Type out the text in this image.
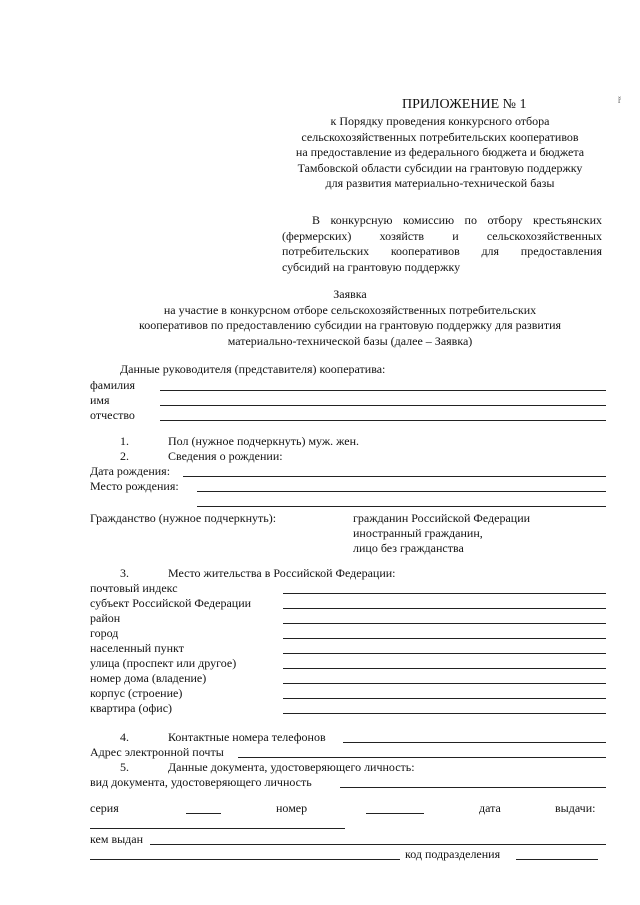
ПРИЛОЖЕНИЕ № 1	ř
к Порядку проведения конкурсного отбора
сельскохозяйственных потребительских кооперативов
на предоставление из федерального бюджета и бюджета
Тамбовской области субсидии на грантовую поддержку
для развития материально-технической базы
В конкурсную комиссию по отбору крестьянских
(фермерских) хозяйств и сельскохозяйственных
потребительских кооперативов для предоставления
субсидий на грантовую поддержку
Заявка
на участие в конкурсном отборе сельскохозяйственных потребительских
кооперативов по предоставлению субсидии на грантовую поддержку для развития
материально-технической базы (далее – Заявка)
Данные руководителя (представителя) кооператива:
фамилия
имя
отчество
1.	Пол (нужное подчеркнуть) муж. жен.
2.	Сведения о рождении:
Дата рождения:
Место рождения:
Гражданство (нужное подчеркнуть):	гражданин Российской Федерации
иностранный гражданин,
лицо без гражданства
3.	Место жительства в Российской Федерации:
почтовый индекс
субъект Российской Федерации
район
город
населенный пункт
улица (проспект или другое)
номер дома (владение)
корпус (строение)
квартира (офис)
4.	Контактные номера телефонов
Адрес электронной почты
5.	Данные документа, удостоверяющего личность:
вид документа, удостоверяющего личность
серия	номер	дата	выдачи:
кем выдан
код подразделения
